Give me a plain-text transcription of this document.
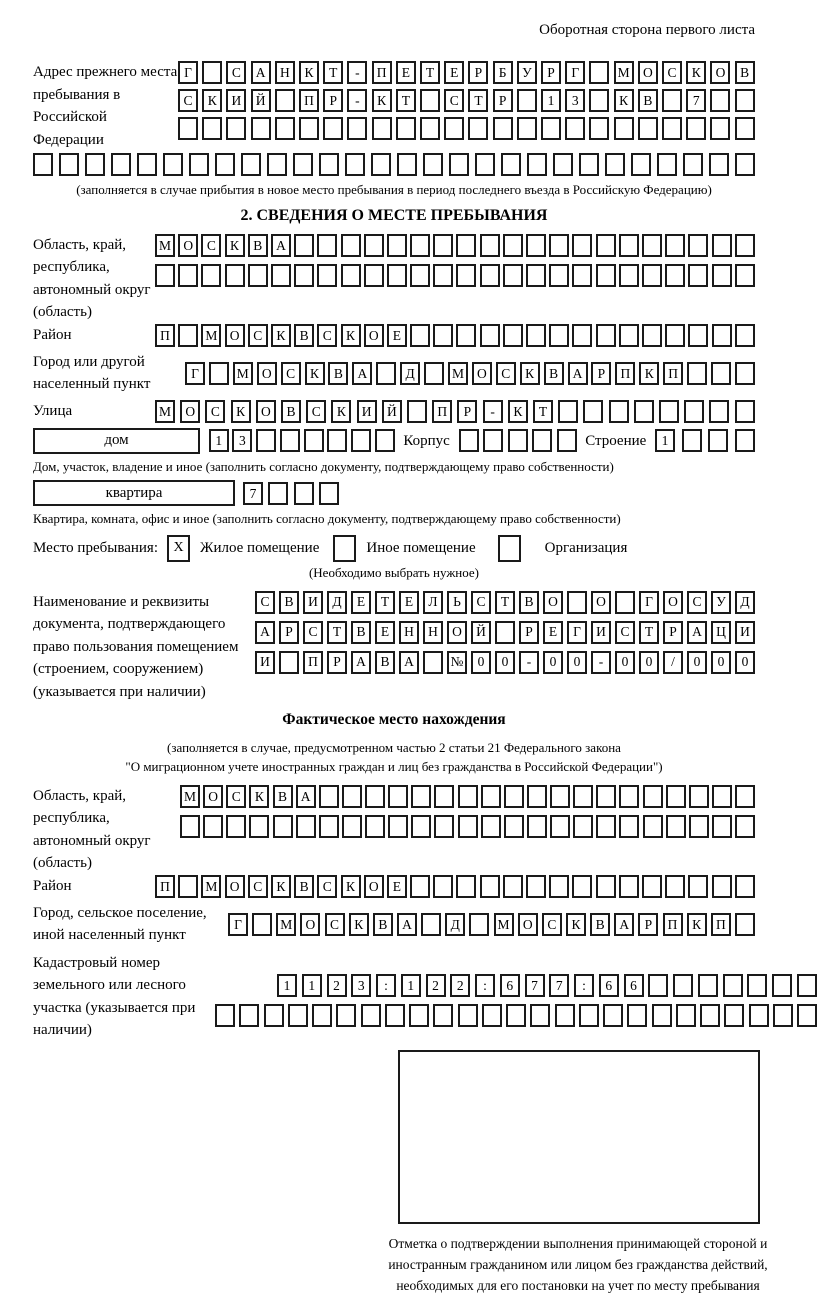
Оборотная сторона первого листа
Адрес прежнего места пребывания в Российской Федерации
Г	С	А	Н	К	Т	-	П	Е	Т	Е	Р	Б	У	Р	Г	М О	С	К	О	В
С	К	И	Й	П	Р	-	К	Т	С	Т	Р	1	3	К	В	7
(заполняется в случае прибытия в новое место пребывания в период последнего въезда в Российскую Федерацию)
2. СВЕДЕНИЯ О МЕСТЕ ПРЕБЫВАНИЯ
Область, край, республика, автономный округ (область)
М О	С	К	В	А
Район	П	М О	С	К	В	С	К	О	Е
Город или другой населенный пункт
Г	М О	С	К	В	А	Д	М О	С	К	В	А	Р	П	К	П
Улица	М	О	С	К	О	В	С	К	И	Й	П	Р	-	К	Т
дом	1	3	Корпус	Строение	1
Дом, участок, владение и иное (заполнить согласно документу, подтверждающему право собственности)
квартира	7
Квартира, комната, офис и иное (заполнить согласно документу, подтверждающему право собственности)
Место пребывания:	X	Жилое помещение	Иное помещение	Организация
(Необходимо выбрать нужное)
Наименование и реквизиты документа, подтверждающего право пользования помещением (строением, сооружением) (указывается при наличии)
С	В	И	Д	Е	Т	Е	Л	Ь	С	Т	В	О	О	Г	О	С	У	Д
А	Р	С	Т	В	Е	Н	Н	О	Й	Р	Е	Г	И	С	Т	Р	А	Ц	И
И	П	Р	А	В	А	№	0	0	-	0	0	-	0	0	/	0	0	0
Фактическое место нахождения
(заполняется в случае, предусмотренном частью 2 статьи 21 Федерального закона
"О миграционном учете иностранных граждан и лиц без гражданства в Российской Федерации")
Область, край, республика, автономный округ (область)
М О	С	К	В	А
Район	П	М О	С	К	В	С	К	О	Е
Город, сельское поселение, иной населенный пункт
Г	М О	С	К	В	А	Д	М О	С	К	В	А	Р	П	К	П
Кадастровый номер земельного или лесного участка (указывается при наличии)
1	1	2	3	:	1	2	2	:	6	7	7	:	6	6
Отметка о подтверждении выполнения принимающей стороной и иностранным гражданином или лицом без гражданства действий, необходимых для его постановки на учет по месту пребывания
